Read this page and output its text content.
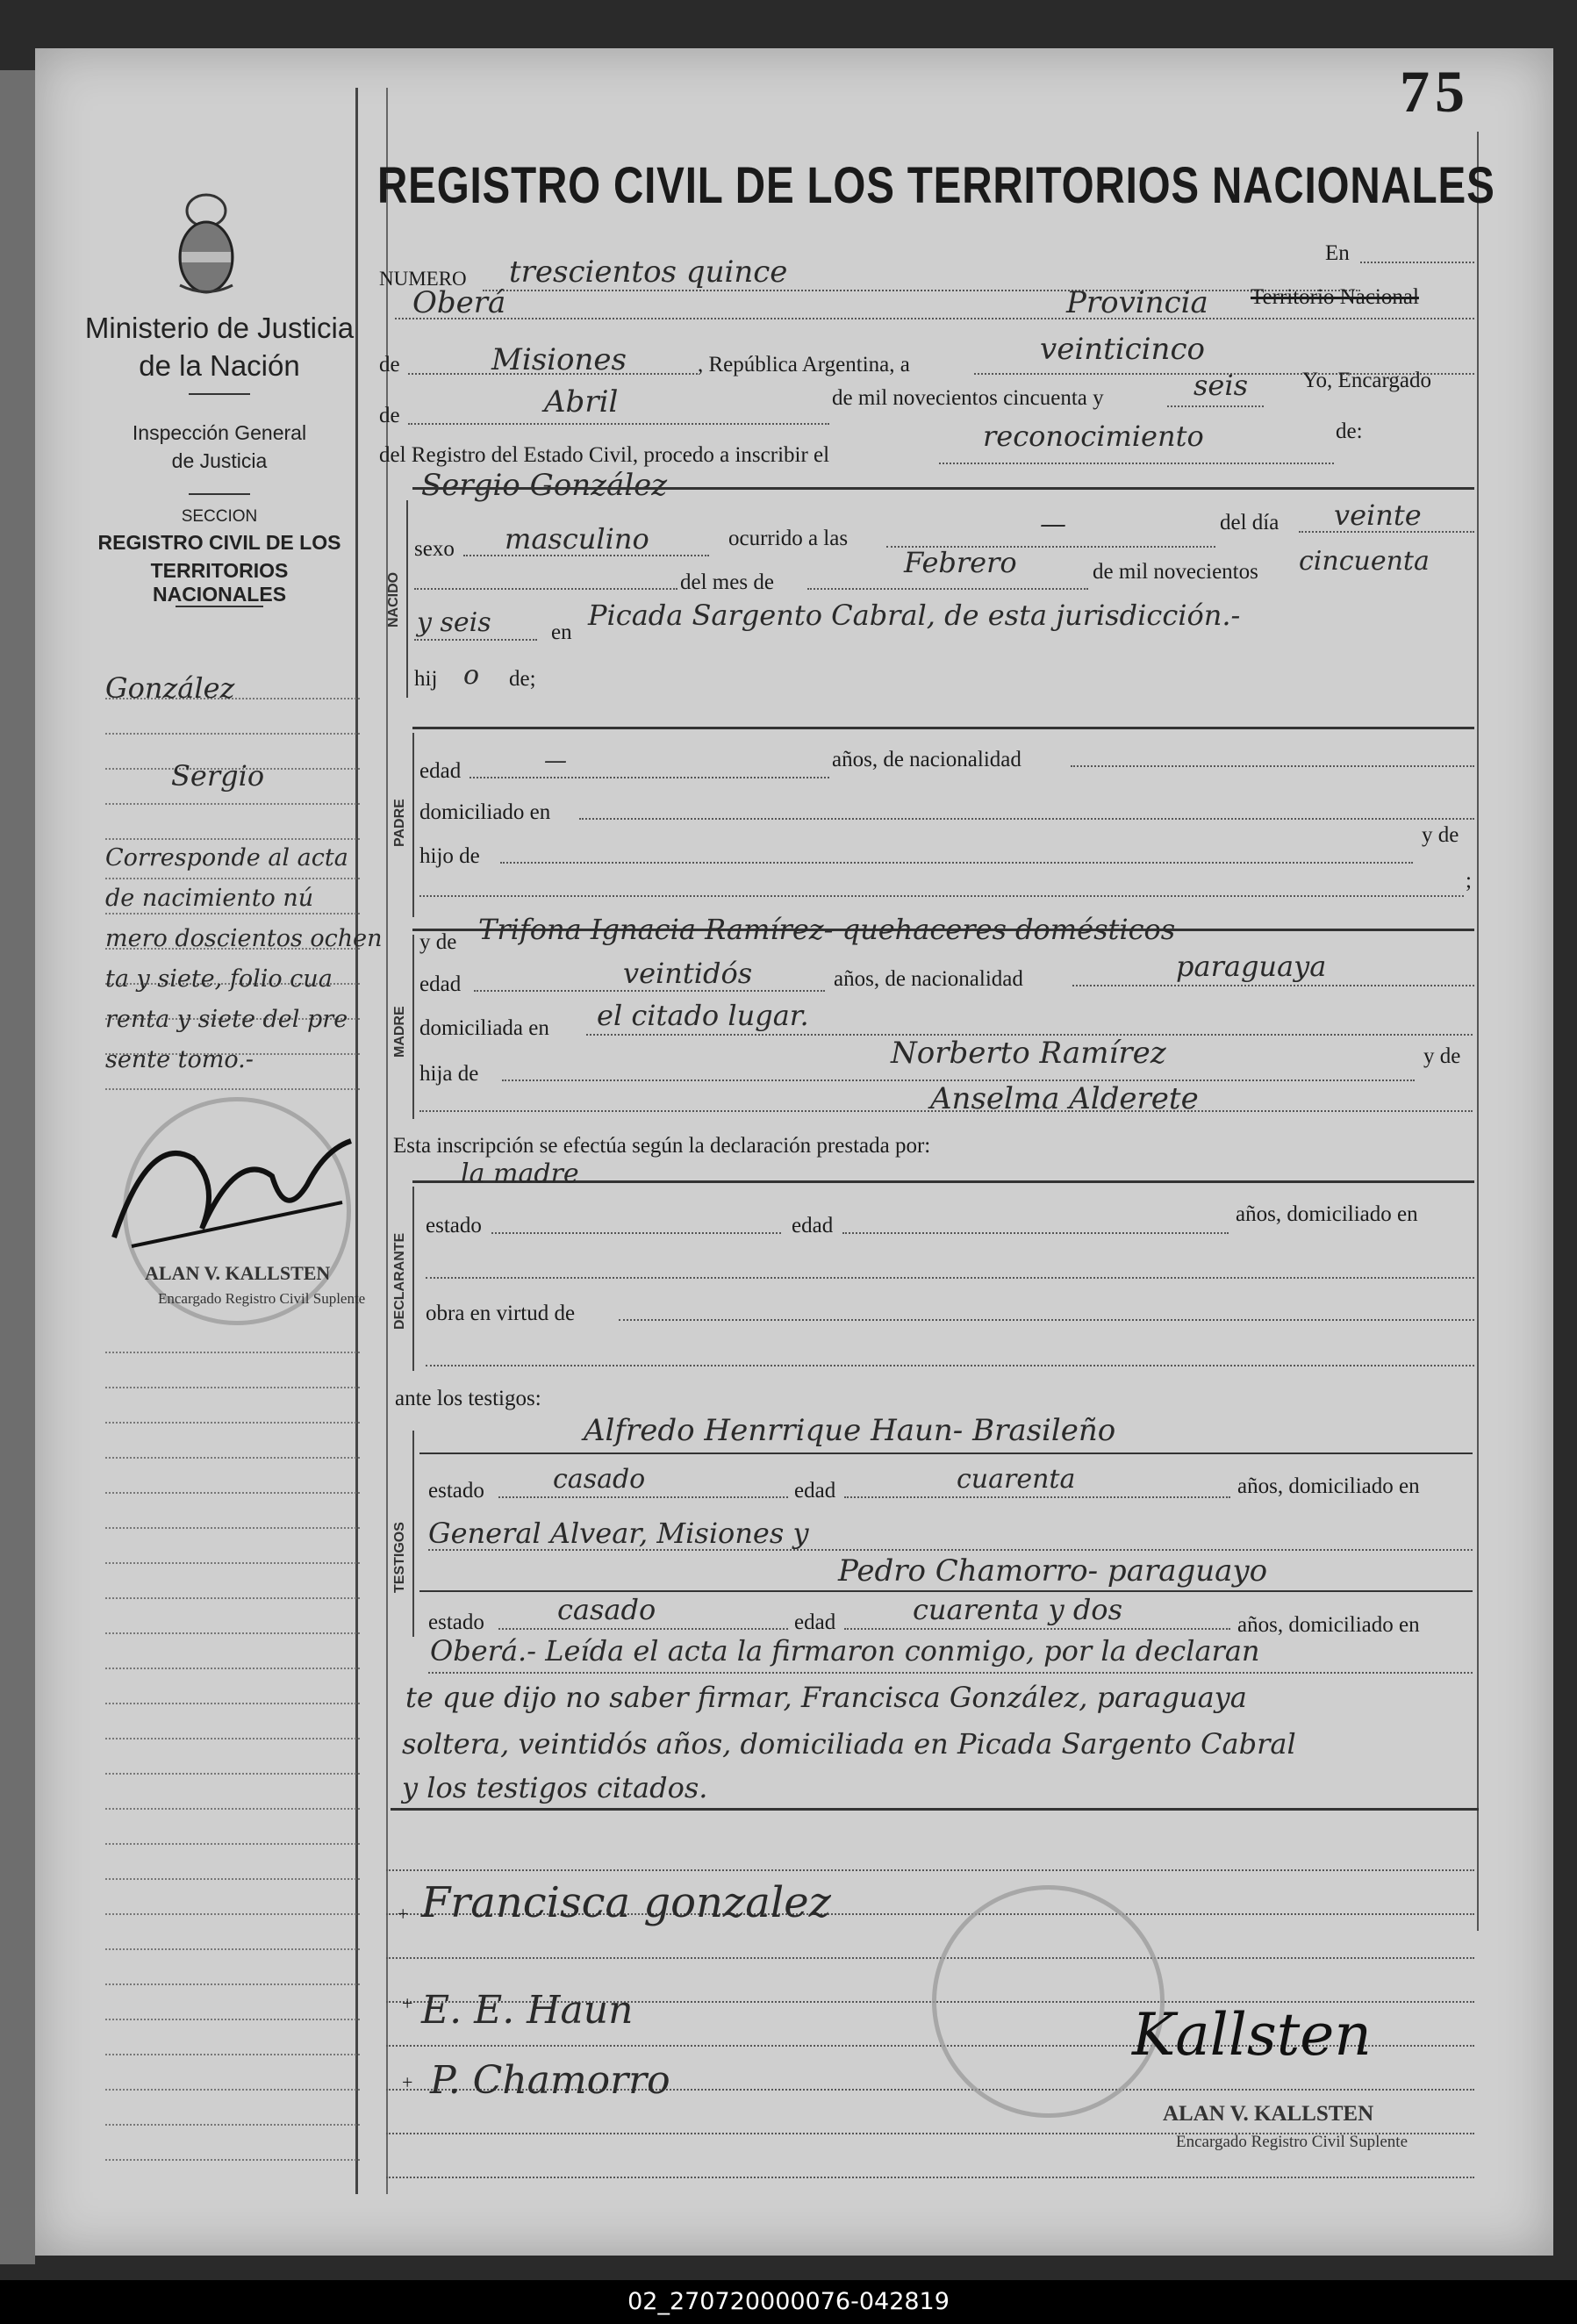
75
REGISTRO CIVIL DE LOS TERRITORIOS NACIONALES
Ministerio de Justicia
de la Nación
Inspección General
de Justicia
SECCION
REGISTRO CIVIL DE LOS
TERRITORIOS NACIONALES
González
Sergio
Corresponde al acta
de nacimiento nú
mero doscientos ochen
ta y siete, folio cua
renta y siete del pre
sente tomo.-
ALAN V. KALLSTEN
Encargado Registro Civil Suplente
NUMERO trescientos quince
En
Oberá	Provincia Territorio Nacional
de	Misiones	, República Argentina, a	veinticinco
de	Abril	de mil novecientos cincuenta y	seis Yo, Encargado
del Registro del Estado Civil, procedo a inscribir el
reconocimiento	de:
Sergio González
NACIDO
sexo masculino	ocurrido a las	—	del día veinte
del mes de
Febrero	de mil novecientos cincuenta
y seis	en
Picada Sargento Cabral, de esta jurisdicción.-
hij o de;
PADRE
edad	—	años, de nacionalidad
domiciliado en
hijo de
y de
;
MADRE
y de Trifona Ignacia Ramírez- quehaceres domésticos
edad	veintidós	años, de nacionalidad	paraguaya
domiciliada en el citado lugar.
hija de
Norberto Ramírez	y de
Anselma Alderete
Esta inscripción se efectúa según la declaración prestada por:
la madre
DECLARANTE
estado	edad	años, domiciliado en
obra en virtud de
ante los testigos:
TESTIGOS
Alfredo Henrrique Haun- Brasileño
estado	casado	edad	cuarenta	años, domiciliado en
General Alvear, Misiones y
Pedro Chamorro- paraguayo
estado	casado	edad	cuarenta y dos	años, domiciliado en
Oberá.- Leída el acta la firmaron conmigo, por la declaran
te que dijo no saber firmar, Francisca González, paraguaya
soltera, veintidós años, domiciliada en Picada Sargento Cabral
y los testigos citados.
+ Francisca gonzalez
+ E. E. Haun
+ P. Chamorro
Kallsten
ALAN V. KALLSTEN
Encargado Registro Civil Suplente
02_270720000076-042819
